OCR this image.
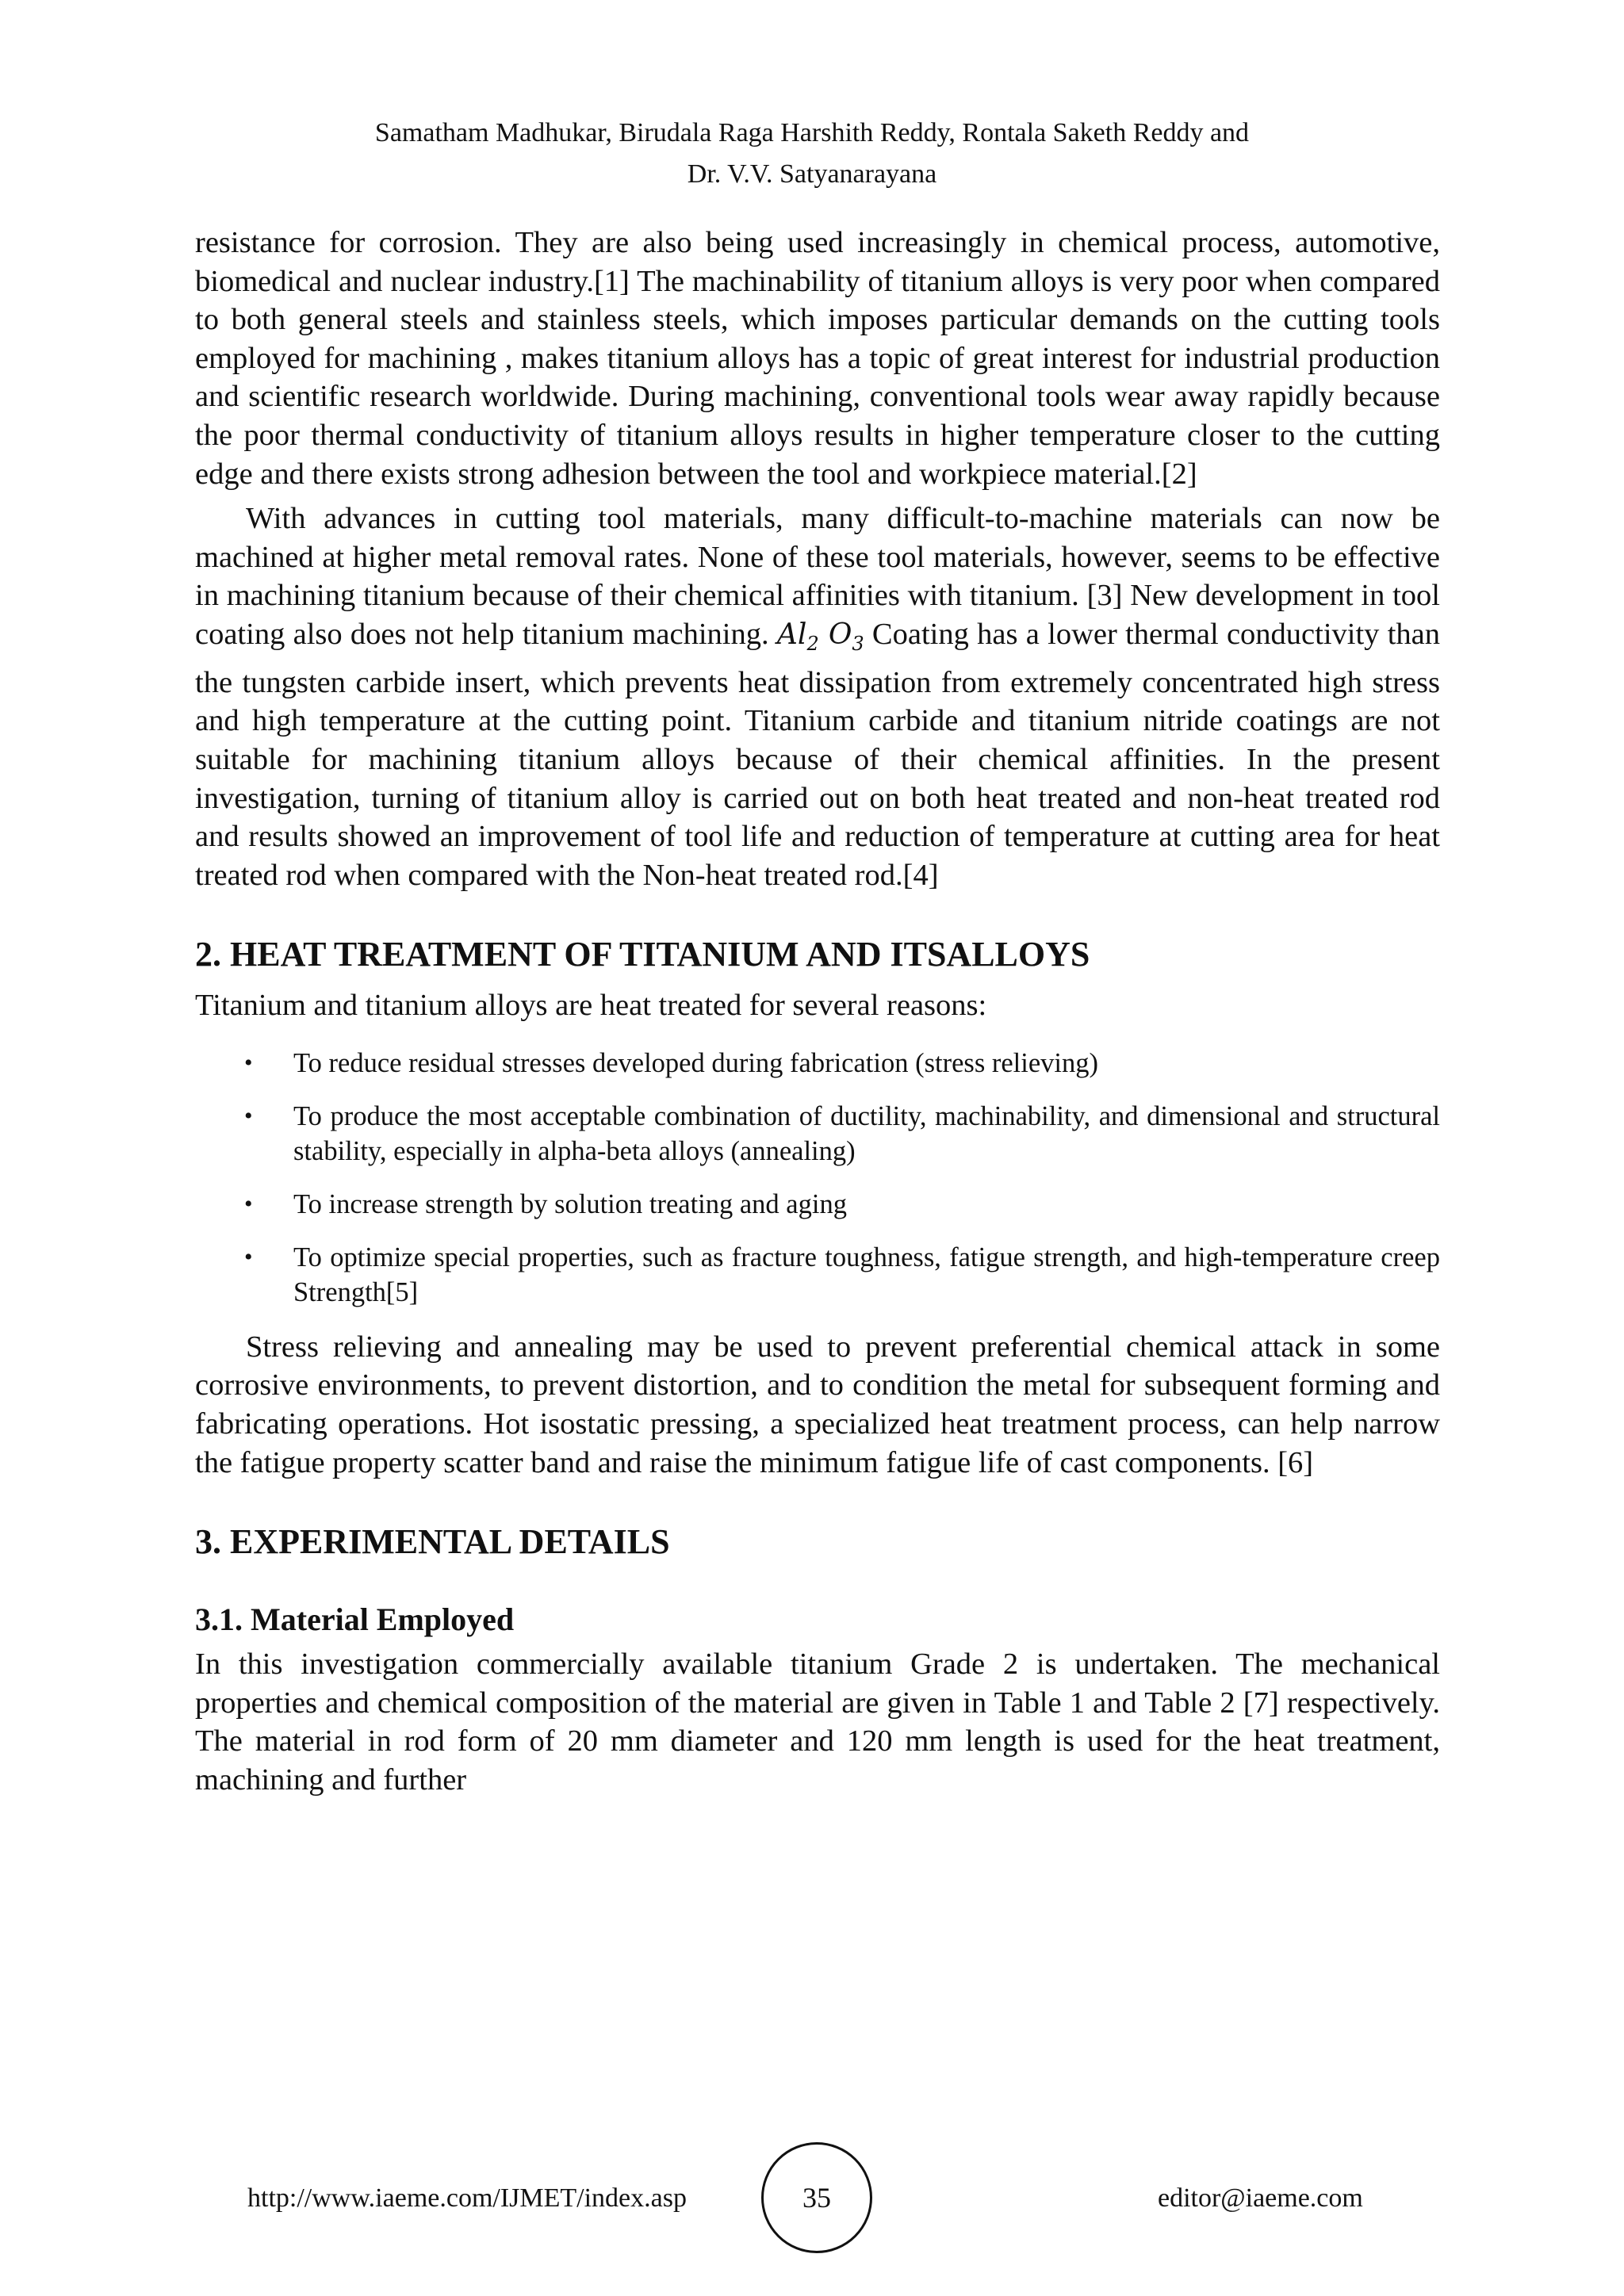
Samatham Madhukar, Birudala Raga Harshith Reddy, Rontala Saketh Reddy and
Dr. V.V. Satyanarayana

resistance for corrosion. They are also being used increasingly in chemical process, automotive, biomedical and nuclear industry.[1] The machinability of titanium alloys is very poor when compared to both general steels and stainless steels, which imposes particular demands on the cutting tools employed for machining , makes titanium alloys has a topic of great interest for industrial production and scientific research worldwide. During machining, conventional tools wear away rapidly because the poor thermal conductivity of titanium alloys results in higher temperature closer to the cutting edge and there exists strong adhesion between the tool and workpiece material.[2]

With advances in cutting tool materials, many difficult-to-machine materials can now be machined at higher metal removal rates. None of these tool materials, however, seems to be effective in machining titanium because of their chemical affinities with titanium. [3] New development in tool coating also does not help titanium machining. $Al_2$ $O_3$ Coating has a lower thermal conductivity than the tungsten carbide insert, which prevents heat dissipation from extremely concentrated high stress and high temperature at the cutting point. Titanium carbide and titanium nitride coatings are not suitable for machining titanium alloys because of their chemical affinities. In the present investigation, turning of titanium alloy is carried out on both heat treated and non-heat treated rod and results showed an improvement of tool life and reduction of temperature at cutting area for heat treated rod when compared with the Non-heat treated rod.[4]

2. HEAT TREATMENT OF TITANIUM AND ITSALLOYS

Titanium and titanium alloys are heat treated for several reasons:

• To reduce residual stresses developed during fabrication (stress relieving)
• To produce the most acceptable combination of ductility, machinability, and dimensional and structural stability, especially in alpha-beta alloys (annealing)
• To increase strength by solution treating and aging
• To optimize special properties, such as fracture toughness, fatigue strength, and high-temperature creep Strength[5]

Stress relieving and annealing may be used to prevent preferential chemical attack in some corrosive environments, to prevent distortion, and to condition the metal for subsequent forming and fabricating operations. Hot isostatic pressing, a specialized heat treatment process, can help narrow the fatigue property scatter band and raise the minimum fatigue life of cast components. [6]

3. EXPERIMENTAL DETAILS
3.1. Material Employed

In this investigation commercially available titanium Grade 2 is undertaken. The mechanical properties and chemical composition of the material are given in Table 1 and Table 2 [7] respectively. The material in rod form of 20 mm diameter and 120 mm length is used for the heat treatment, machining and further

http://www.iaeme.com/IJMET/index.asp	35	editor@iaeme.com
